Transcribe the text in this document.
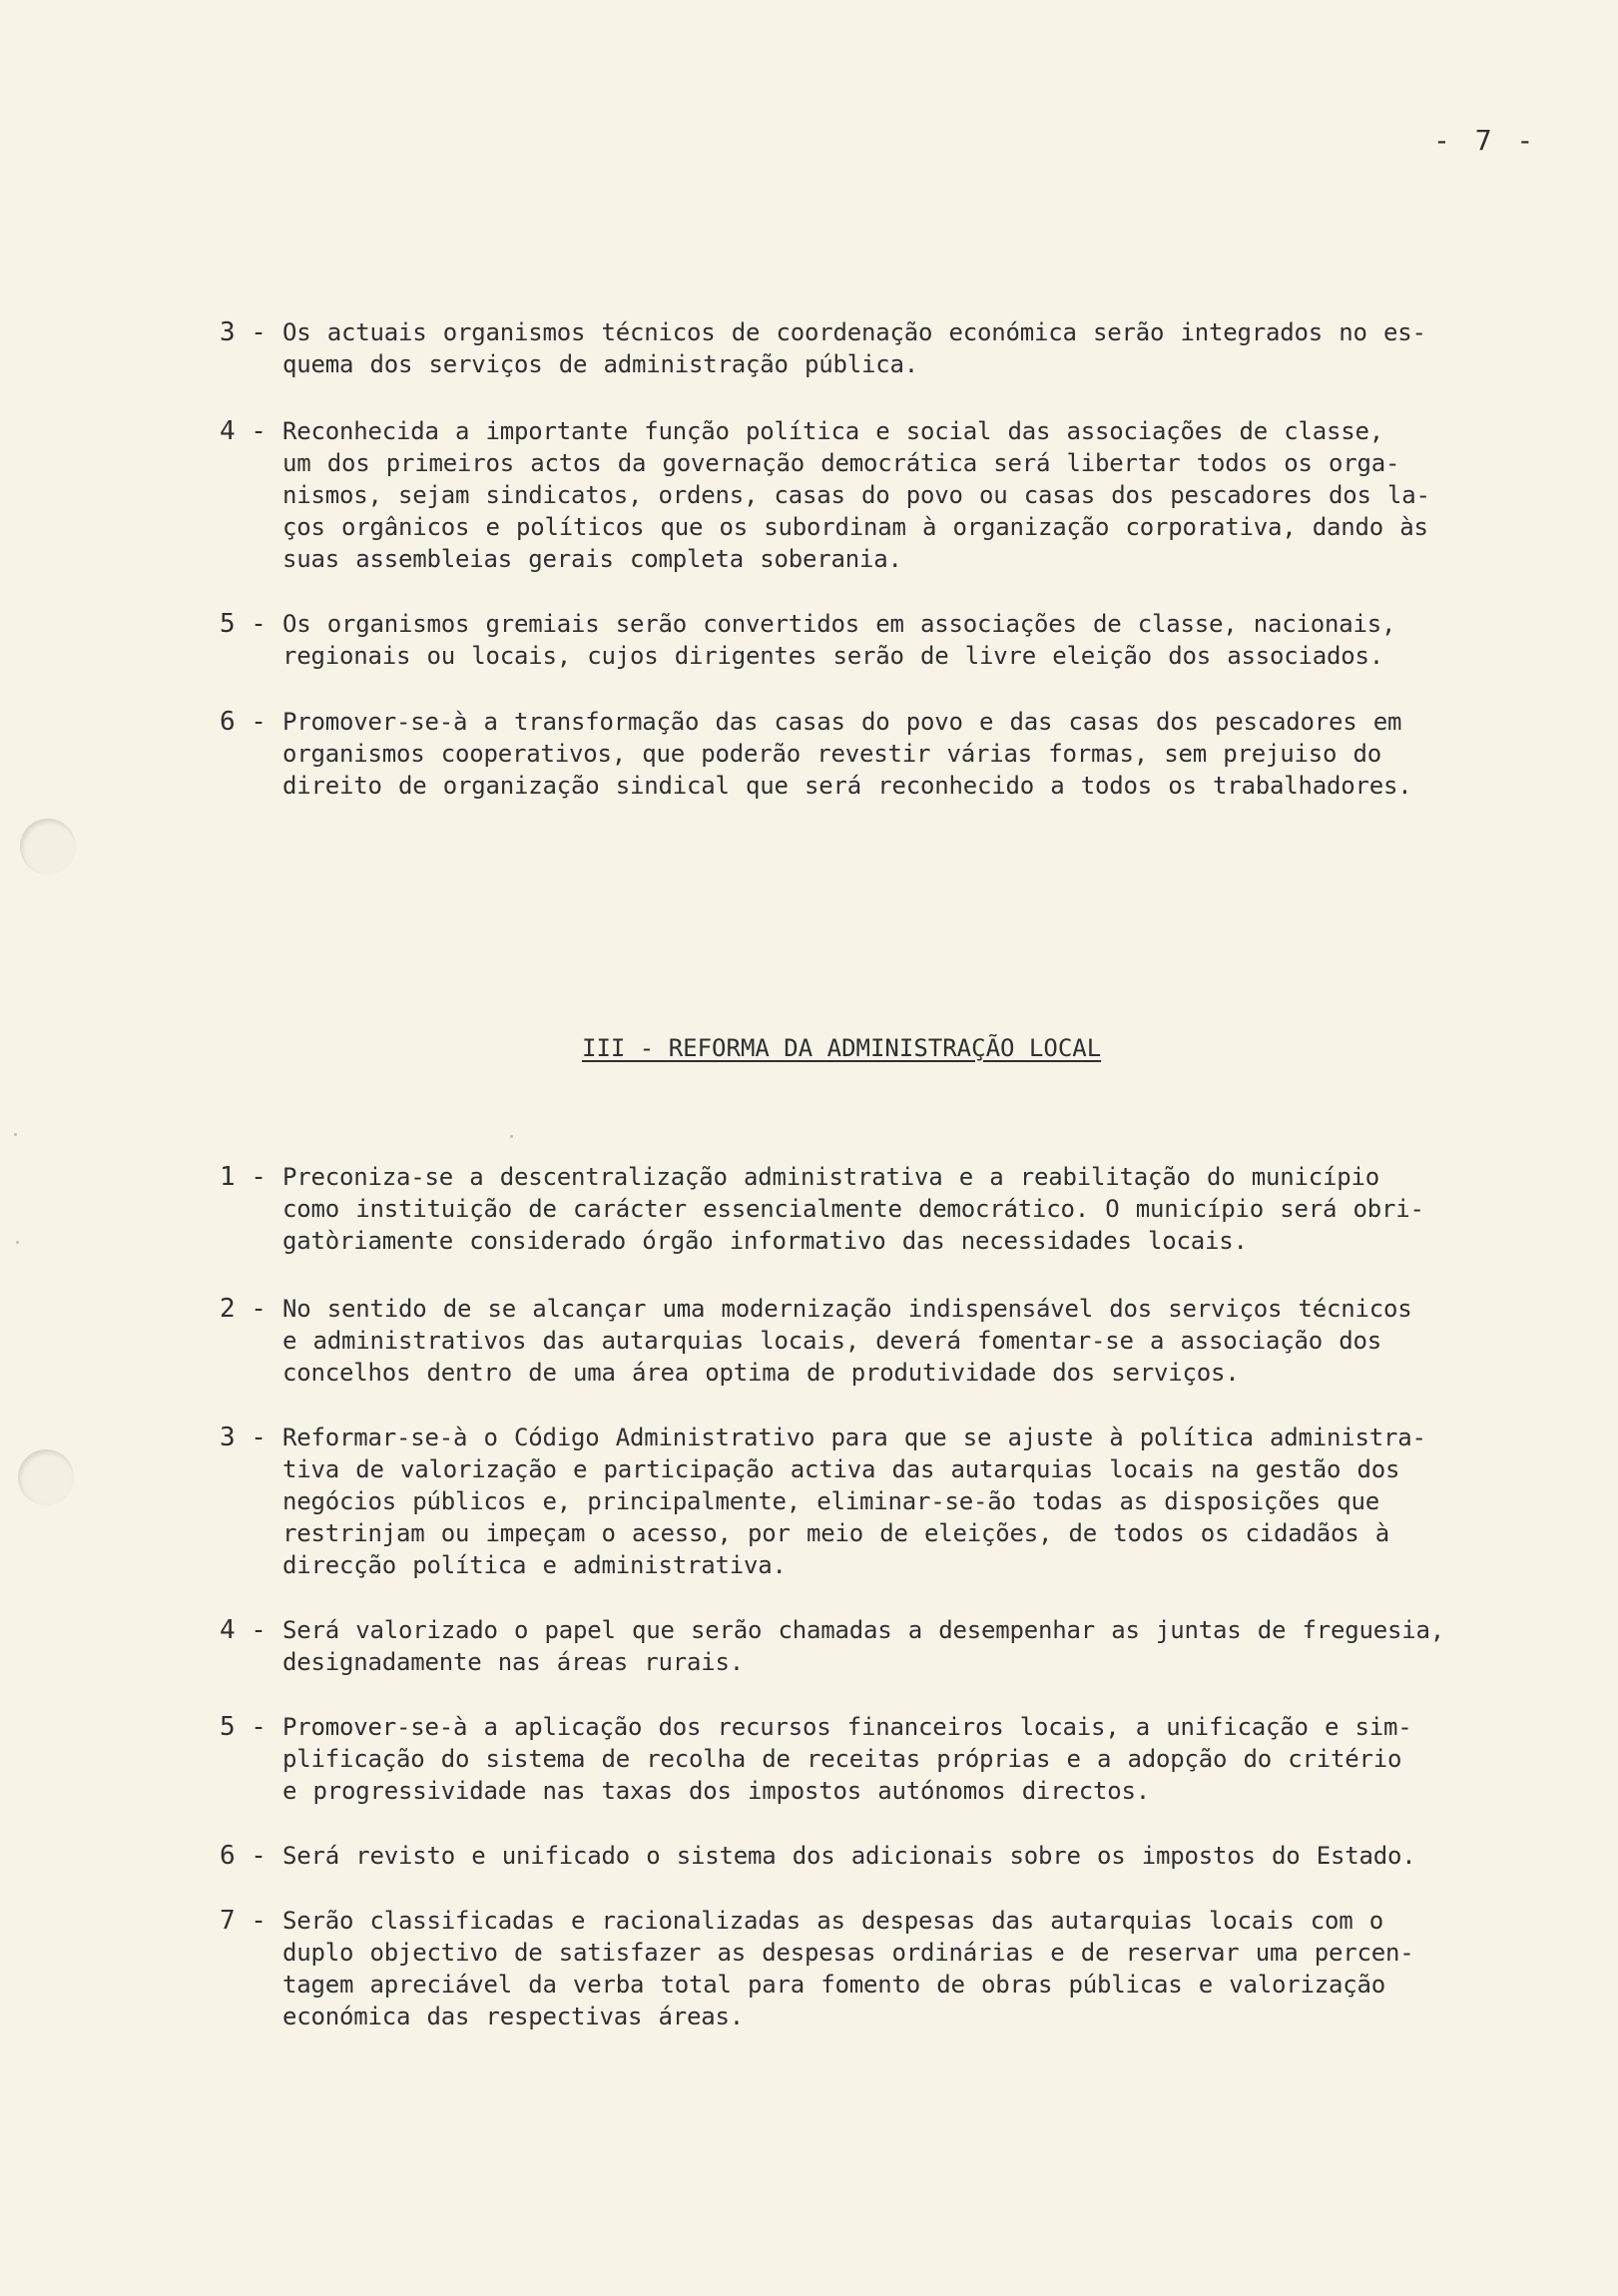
- 7 -
3 - Os actuais organismos técnicos de coordenação económica serão integrados no es-
quema dos serviços de administração pública.

4 - Reconhecida a importante função política e social das associações de classe,
um dos primeiros actos da governação democrática será libertar todos os orga-
nismos, sejam sindicatos, ordens, casas do povo ou casas dos pescadores dos la-
ços orgânicos e políticos que os subordinam à organização corporativa, dando às
suas assembleias gerais completa soberania.

5 - Os organismos gremiais serão convertidos em associações de classe, nacionais,
regionais ou locais, cujos dirigentes serão de livre eleição dos associados.

6 - Promover-se-à a transformação das casas do povo e das casas dos pescadores em
organismos cooperativos, que poderão revestir várias formas, sem prejuiso do
direito de organização sindical que será reconhecido a todos os trabalhadores.

III - REFORMA DA ADMINISTRAÇÃO LOCAL
1 - Preconiza-se a descentralização administrativa e a reabilitação do município
como instituição de carácter essencialmente democrático. O município será obri-
gatòriamente considerado órgão informativo das necessidades locais.

2 - No sentido de se alcançar uma modernização indispensável dos serviços técnicos
e administrativos das autarquias locais, deverá fomentar-se a associação dos
concelhos dentro de uma área optima de produtividade dos serviços.

3 - Reformar-se-à o Código Administrativo para que se ajuste à política administra-
tiva de valorização e participação activa das autarquias locais na gestão dos
negócios públicos e, principalmente, eliminar-se-ão todas as disposições que
restrinjam ou impeçam o acesso, por meio de eleições, de todos os cidadãos à
direcção política e administrativa.

4 - Será valorizado o papel que serão chamadas a desempenhar as juntas de freguesia,
designadamente nas áreas rurais.

5 - Promover-se-à a aplicação dos recursos financeiros locais, a unificação e sim-
plificação do sistema de recolha de receitas próprias e a adopção do critério
e progressividade nas taxas dos impostos autónomos directos.

6 - Será revisto e unificado o sistema dos adicionais sobre os impostos do Estado.

7 - Serão classificadas e racionalizadas as despesas das autarquias locais com o
duplo objectivo de satisfazer as despesas ordinárias e de reservar uma percen-
tagem apreciável da verba total para fomento de obras públicas e valorização
económica das respectivas áreas.
